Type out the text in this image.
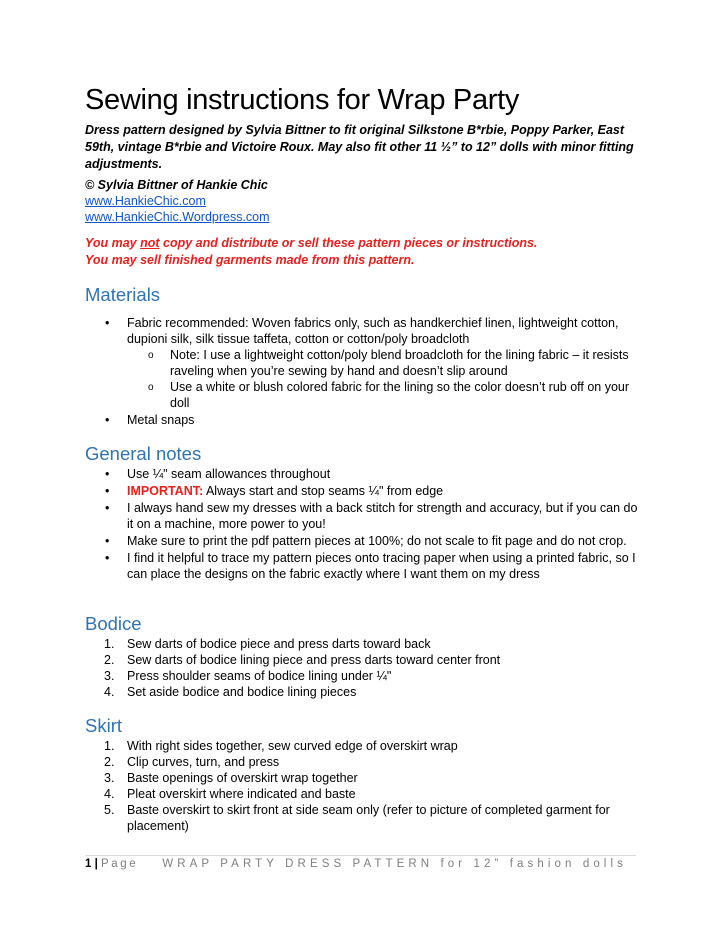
Sewing instructions for Wrap Party
Dress pattern designed by Sylvia Bittner to fit original Silkstone B*rbie, Poppy Parker, East 59th, vintage B*rbie and Victoire Roux. May also fit other 11 ½” to 12” dolls with minor fitting adjustments.
© Sylvia Bittner of Hankie Chic
www.HankieChic.com
www.HankieChic.Wordpress.com
You may not copy and distribute or sell these pattern pieces or instructions.
You may sell finished garments made from this pattern.
Materials
• Fabric recommended: Woven fabrics only, such as handkerchief linen, lightweight cotton, dupioni silk, silk tissue taffeta, cotton or cotton/poly broadcloth
o Note: I use a lightweight cotton/poly blend broadcloth for the lining fabric – it resists raveling when you’re sewing by hand and doesn’t slip around
o Use a white or blush colored fabric for the lining so the color doesn’t rub off on your doll
• Metal snaps
General notes
• Use ¼" seam allowances throughout
• IMPORTANT: Always start and stop seams ¼" from edge
• I always hand sew my dresses with a back stitch for strength and accuracy, but if you can do it on a machine, more power to you!
• Make sure to print the pdf pattern pieces at 100%; do not scale to fit page and do not crop.
• I find it helpful to trace my pattern pieces onto tracing paper when using a printed fabric, so I can place the designs on the fabric exactly where I want them on my dress
Bodice
1. Sew darts of bodice piece and press darts toward back
2. Sew darts of bodice lining piece and press darts toward center front
3. Press shoulder seams of bodice lining under ¼"
4. Set aside bodice and bodice lining pieces
Skirt
1. With right sides together, sew curved edge of overskirt wrap
2. Clip curves, turn, and press
3. Baste openings of overskirt wrap together
4. Pleat overskirt where indicated and baste
5. Baste overskirt to skirt front at side seam only (refer to picture of completed garment for placement)
1 | Page WRAP PARTY DRESS PATTERN for 12” fashion dolls
